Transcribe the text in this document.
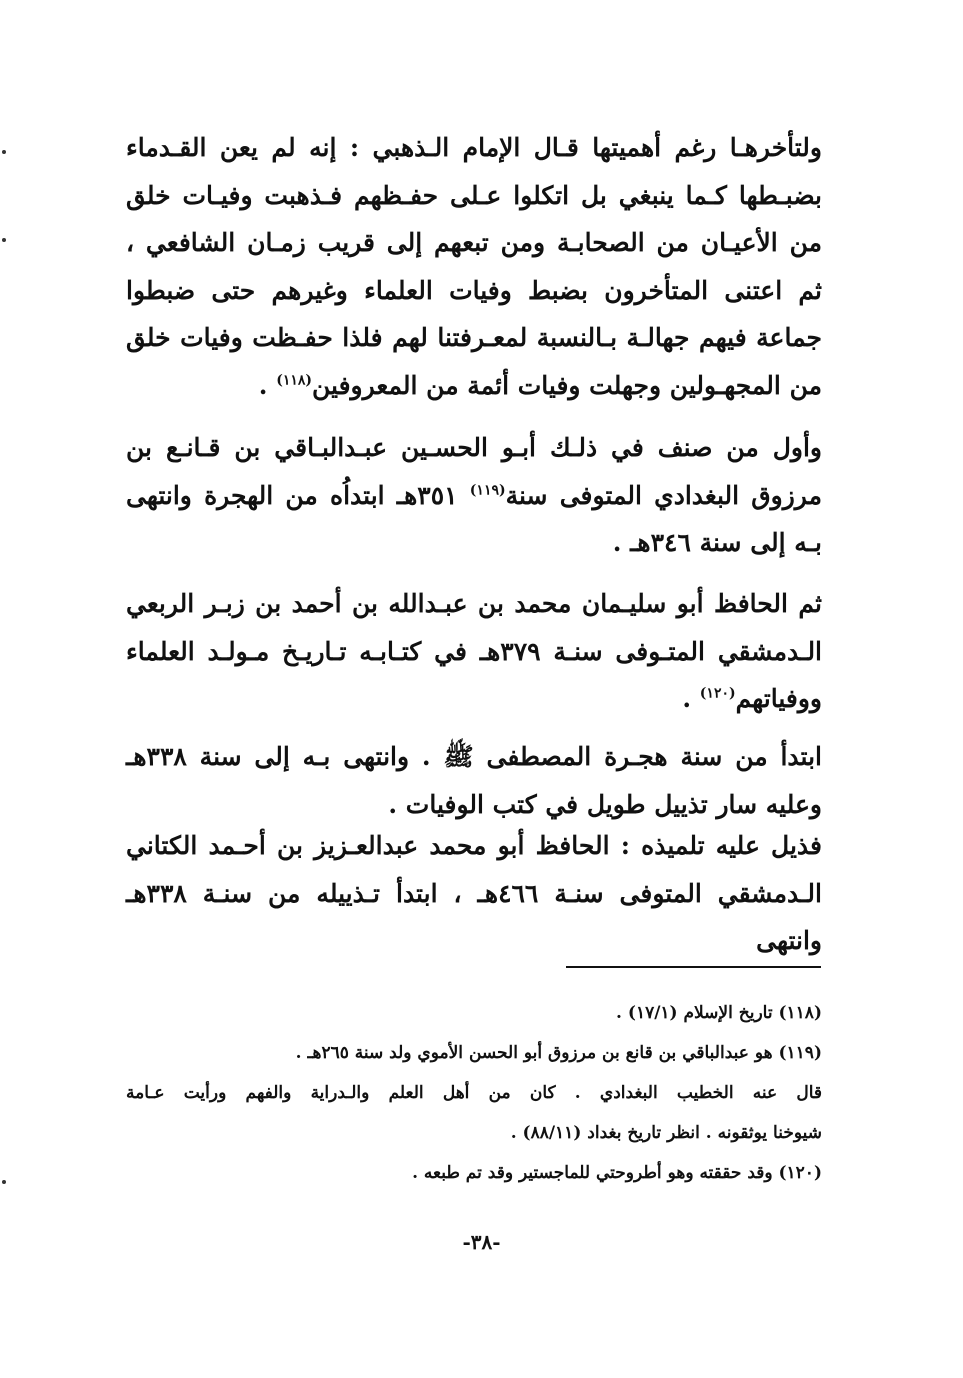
ولتأخرهـا رغم أهميتها قـال الإمام الـذهبي : إنه لم يعن القـدماء بضبـطها كـما ينبغي بل اتكلوا عـلى حفـظهم فـذهبت وفيـات خلق من الأعيـان من الصحابـة ومن تبعهم إلى قريب زمـان الشافعي ، ثم اعتنى المتأخرون بضبط وفيات العلماء وغيرهم حتى ضبطوا جماعة فيهم جهالـة بـالنسبة لمعـرفتنا لهم فلذا حفـظت وفيات خلق من المجهـولين وجهلت وفيات أئمة من المعروفين$^{(١١٨)}$ .
وأول من صنف في ذلـك أبـو الحسـين عبـدالبـاقي بن قـانـع بن مرزوق البغدادي المتوفى سنة$^{(١١٩)}$ ٣٥١هـ ابتداُه من الهجرة وانتهى بـه إلى سنة ٣٤٦هـ .
ثم الحافظ أبو سليـمان محمد بن عبـدالله بن أحمد بن زبـر الربعي الـدمشقي المتـوفى سنـة ٣٧٩هـ في كتـابـه تـاريـخ مـولـد العلماء ووفياتهم$^{(١٢٠)}$ .
ابتدأ من سنة هجـرة المصطفى ﷺ . وانتهى بـه إلى سنة ٣٣٨هـ وعليه سار تذييل طويل في كتب الوفيات .
فذيل عليه تلميذه : الحافظ أبو محمد عبدالعـزيز بن أحـمد الكتاني الـدمشقي المتوفى سنـة ٤٦٦هـ ، ابتدأ تـذييله من سنـة ٣٣٨هـ وانتهى
(١١٨) تاريخ الإسلام (١٧/١) .
(١١٩) هو عبدالباقي بن قانع بن مرزوق أبو الحسن الأموي ولد سنة ٢٦٥هـ .
قال عنه الخطيب البغدادي . كان من أهل العلم والـدراية والفهم ورأيت عـامة
شيوخنا يوثقونه . انظر تاريخ بغداد (٨٨/١١) .
(١٢٠) وقد حققته وهو أطروحتي للماجستير وقد تم طبعه .
-٣٨-
